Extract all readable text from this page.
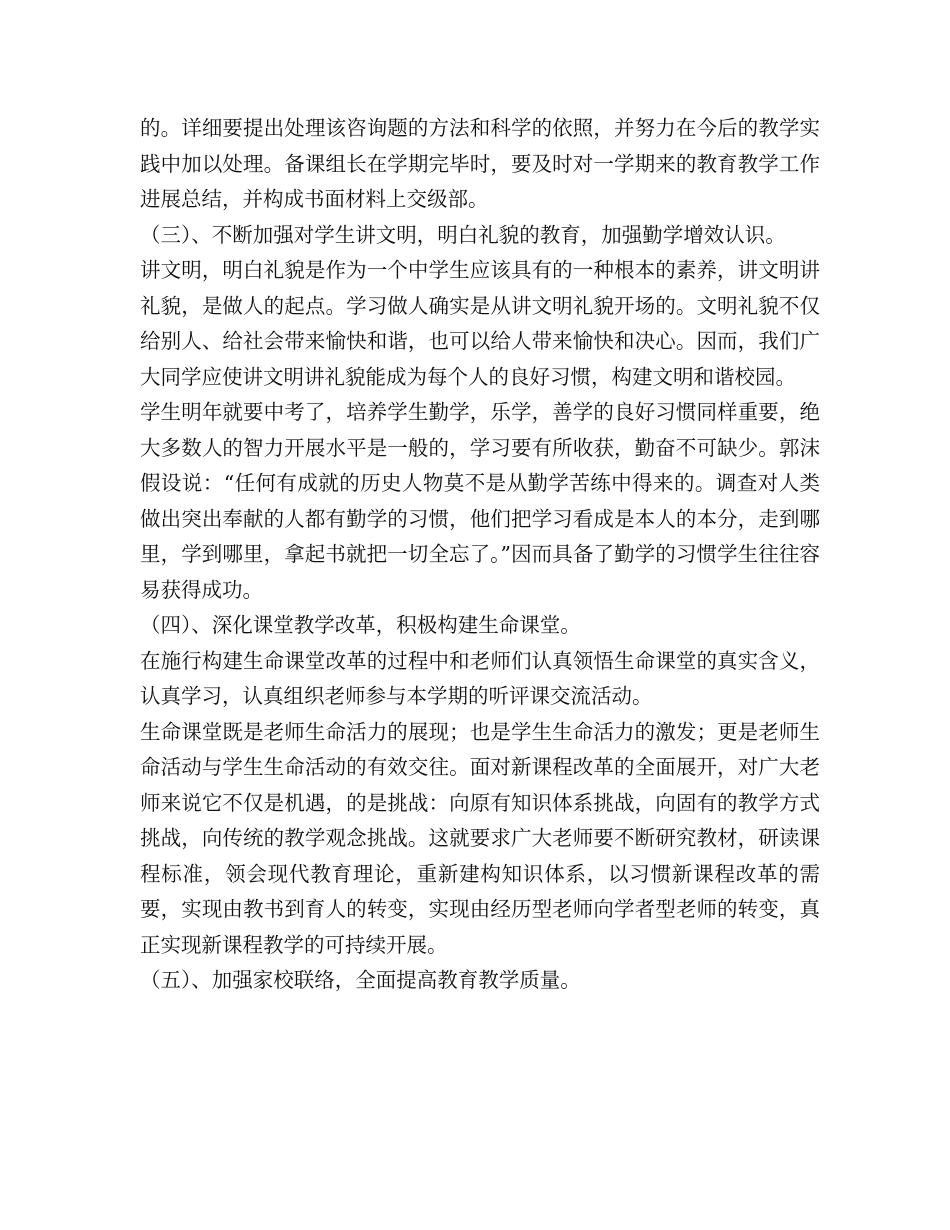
的。详细要提出处理该咨询题的方法和科学的依照，并努力在今后的教学实践中加以处理。备课组长在学期完毕时，要及时对一学期来的教育教学工作进展总结，并构成书面材料上交级部。

（三）、不断加强对学生讲文明，明白礼貌的教育，加强勤学增效认识。

讲文明，明白礼貌是作为一个中学生应该具有的一种根本的素养，讲文明讲礼貌，是做人的起点。学习做人确实是从讲文明礼貌开场的。文明礼貌不仅给别人、给社会带来愉快和谐，也可以给人带来愉快和决心。因而，我们广大同学应使讲文明讲礼貌能成为每个人的良好习惯，构建文明和谐校园。

学生明年就要中考了，培养学生勤学，乐学，善学的良好习惯同样重要，绝大多数人的智力开展水平是一般的，学习要有所收获，勤奋不可缺少。郭沫假设说：“任何有成就的历史人物莫不是从勤学苦练中得来的。调查对人类做出突出奉献的人都有勤学的习惯，他们把学习看成是本人的本分，走到哪里，学到哪里，拿起书就把一切全忘了。”因而具备了勤学的习惯学生往往容易获得成功。

（四）、深化课堂教学改革，积极构建生命课堂。

在施行构建生命课堂改革的过程中和老师们认真领悟生命课堂的真实含义，认真学习，认真组织老师参与本学期的听评课交流活动。

生命课堂既是老师生命活力的展现；也是学生生命活力的激发；更是老师生命活动与学生生命活动的有效交往。面对新课程改革的全面展开，对广大老师来说它不仅是机遇，的是挑战：向原有知识体系挑战，向固有的教学方式挑战，向传统的教学观念挑战。这就要求广大老师要不断研究教材，研读课程标准，领会现代教育理论，重新建构知识体系，以习惯新课程改革的需要，实现由教书到育人的转变，实现由经历型老师向学者型老师的转变，真正实现新课程教学的可持续开展。

（五）、加强家校联络，全面提高教育教学质量。
